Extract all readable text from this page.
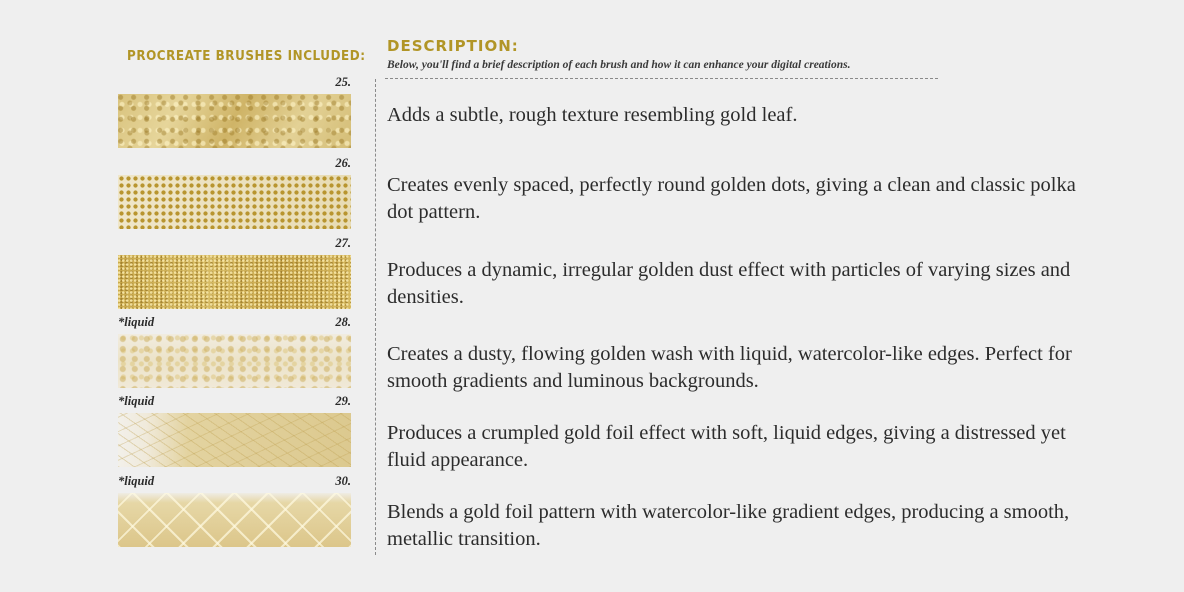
PROCREATE BRUSHES INCLUDED:
DESCRIPTION:
Below, you'll find a brief description of each brush and how it can enhance your digital creations.
25.
Adds a subtle, rough texture resembling gold leaf.
26.
Creates evenly spaced, perfectly round golden dots, giving a clean and classic polka dot pattern.
27.
Produces a dynamic, irregular golden dust effect with particles of varying sizes and densities.
*liquid	28.
Creates a dusty, flowing golden wash with liquid, watercolor-like edges. Perfect for smooth gradients and luminous backgrounds.
*liquid	29.
Produces a crumpled gold foil effect with soft, liquid edges, giving a distressed yet fluid appearance.
*liquid	30.
Blends a gold foil pattern with watercolor-like gradient edges, producing a smooth, metallic transition.
